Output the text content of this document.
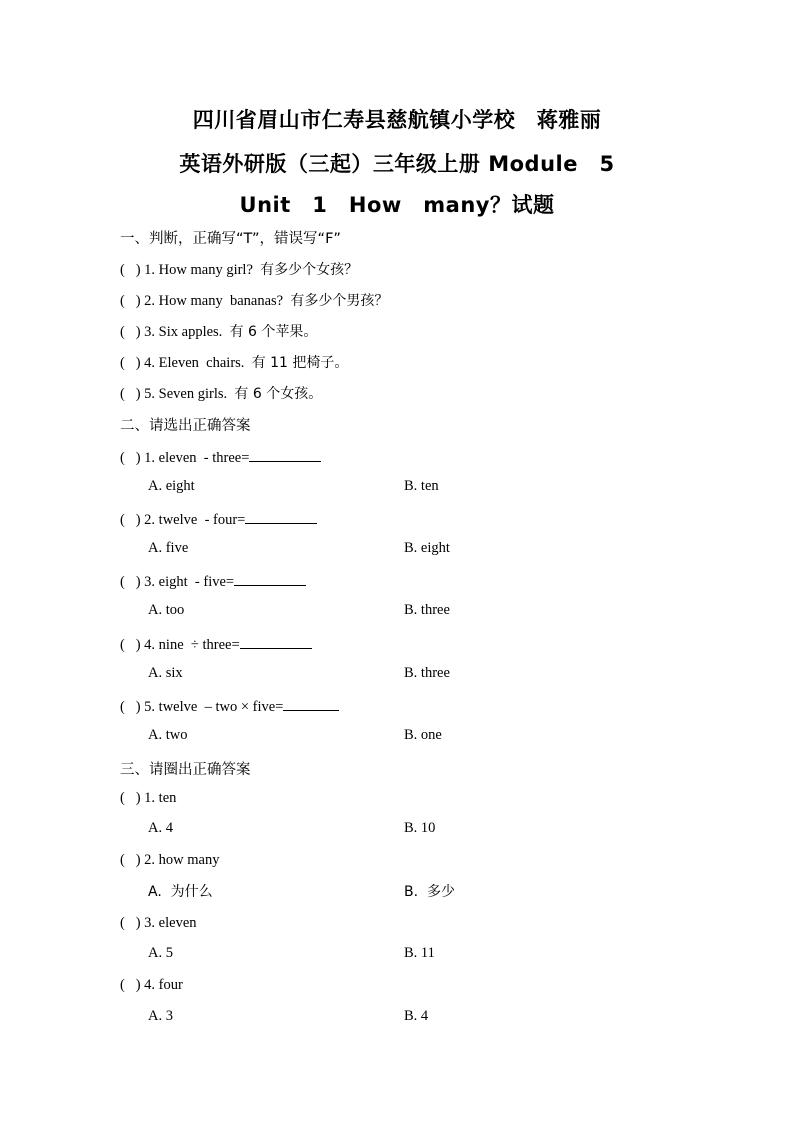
四川省眉山市仁寿县慈航镇小学校　蒋雅丽
英语外研版（三起）三年级上册 Module　5
Unit　1　How　many？试题
一、判断，正确写“T”，错误写“F”
(   ) 1. How many girl? 有多少个女孩？
(   ) 2. How many  bananas? 有多少个男孩？
(   ) 3. Six apples. 有 6 个苹果。
(   ) 4. Eleven  chairs. 有 11 把椅子。
(   ) 5. Seven girls. 有 6 个女孩。
二、请选出正确答案
(   ) 1. eleven  - three=
A. eight	B. ten
(   ) 2. twelve  - four=
A. five	B. eight
(   ) 3. eight  - five=
A. too	B. three
(   ) 4. nine  ÷ three=
A. six	B. three
(   ) 5. twelve  – two × five=
A. two	B. one
三、请圈出正确答案
(   ) 1. ten
A. 4	B. 10
(   ) 2. how many
A.  为什么	B.  多少
(   ) 3. eleven
A. 5	B. 11
(   ) 4. four
A. 3	B. 4
